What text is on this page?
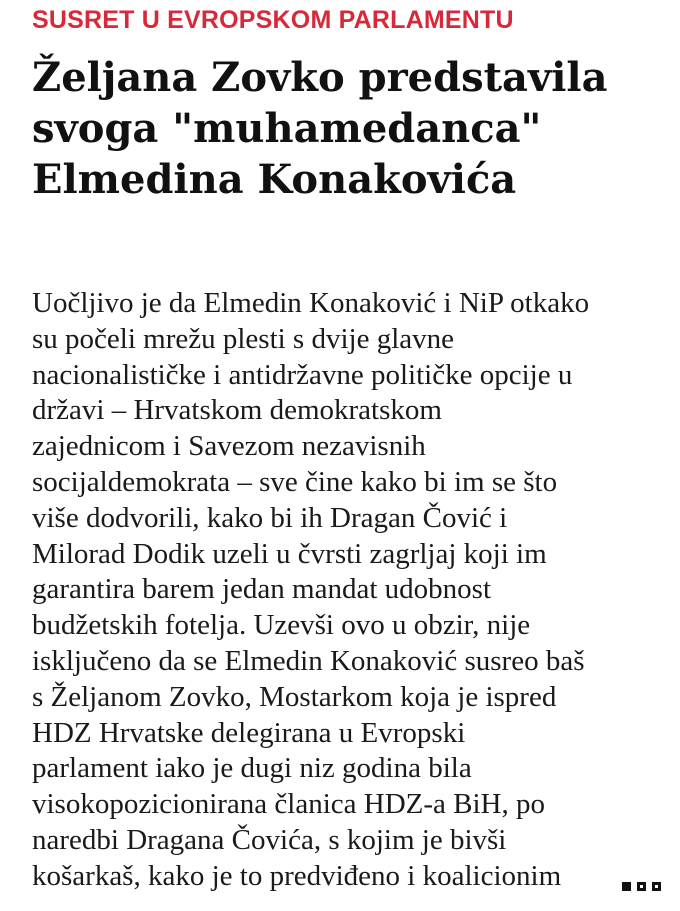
SUSRET U EVROPSKOM PARLAMENTU
Željana Zovko predstavila
svoga "muhamedanca"
Elmedina Konakovića
Uočljivo je da Elmedin Konaković i NiP otkako
su počeli mrežu plesti s dvije glavne
nacionalističke i antidržavne političke opcije u
državi – Hrvatskom demokratskom
zajednicom i Savezom nezavisnih
socijaldemokrata – sve čine kako bi im se što
više dodvorili, kako bi ih Dragan Čović i
Milorad Dodik uzeli u čvrsti zagrljaj koji im
garantira barem jedan mandat udobnost
budžetskih fotelja. Uzevši ovo u obzir, nije
isključeno da se Elmedin Konaković susreo baš
s Željanom Zovko, Mostarkom koja je ispred
HDZ Hrvatske delegirana u Evropski
parlament iako je dugi niz godina bila
visokopozicionirana članica HDZ-a BiH, po
naredbi Dragana Čovića, s kojim je bivši
košarkaš, kako je to predviđeno i koalicionim
